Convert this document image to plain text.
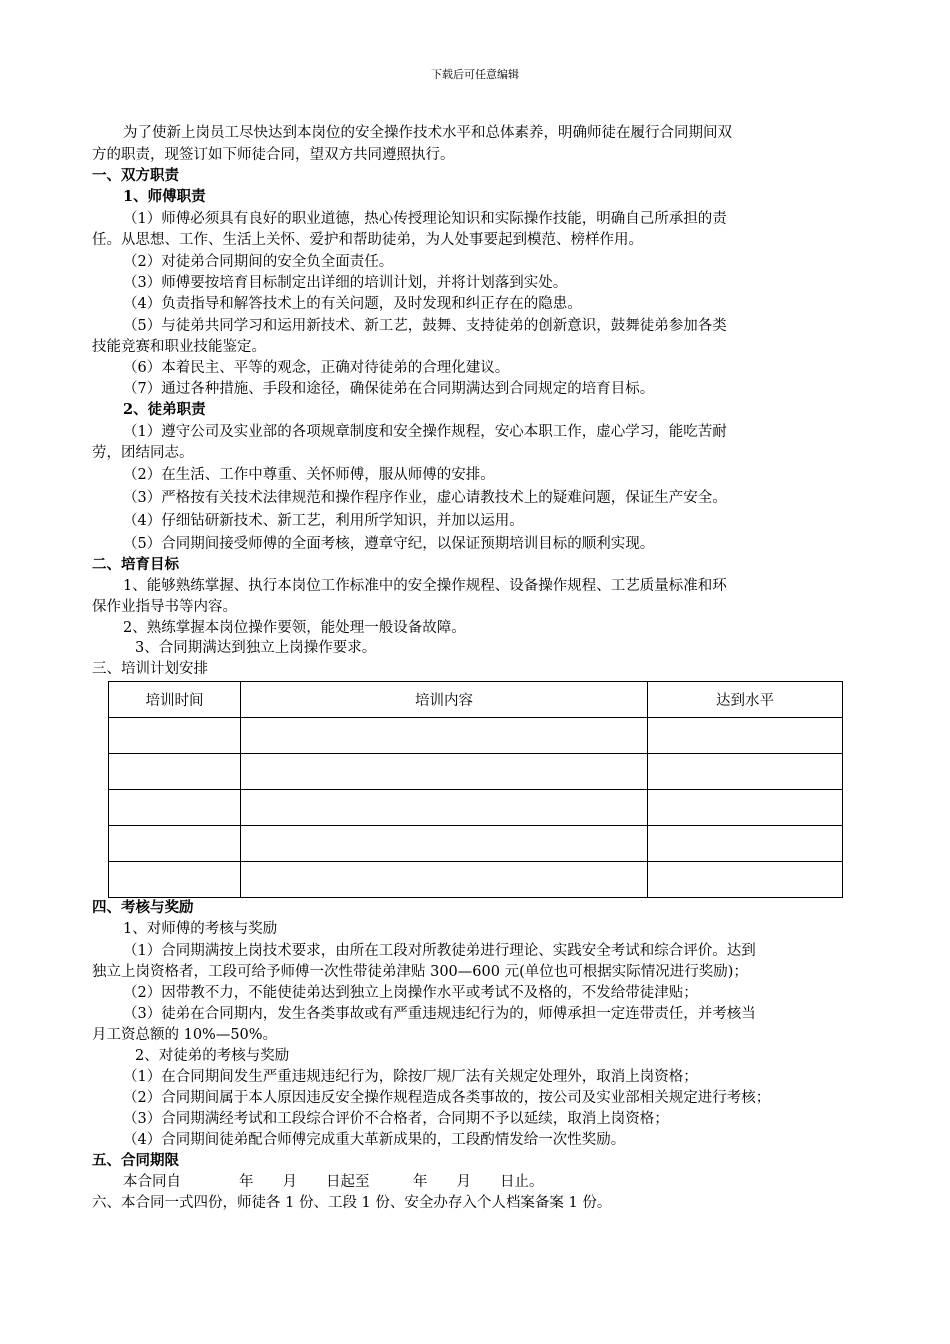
下载后可任意编辑
为了使新上岗员工尽快达到本岗位的安全操作技术水平和总体素养，明确师徒在履行合同期间双
方的职责，现签订如下师徒合同，望双方共同遵照执行。
一、双方职责
1、师傅职责
（1）师傅必须具有良好的职业道德，热心传授理论知识和实际操作技能，明确自己所承担的责
任。从思想、工作、生活上关怀、爱护和帮助徒弟，为人处事要起到模范、榜样作用。
（2）对徒弟合同期间的安全负全面责任。
（3）师傅要按培育目标制定出详细的培训计划，并将计划落到实处。
（4）负责指导和解答技术上的有关问题，及时发现和纠正存在的隐患。
（5）与徒弟共同学习和运用新技术、新工艺，鼓舞、支持徒弟的创新意识，鼓舞徒弟参加各类
技能竞赛和职业技能鉴定。
（6）本着民主、平等的观念，正确对待徒弟的合理化建议。
（7）通过各种措施、手段和途径，确保徒弟在合同期满达到合同规定的培育目标。
2、徒弟职责
（1）遵守公司及实业部的各项规章制度和安全操作规程，安心本职工作，虚心学习，能吃苦耐
劳，团结同志。
（2）在生活、工作中尊重、关怀师傅，服从师傅的安排。
（3）严格按有关技术法律规范和操作程序作业，虚心请教技术上的疑难问题，保证生产安全。
（4）仔细钻研新技术、新工艺，利用所学知识，并加以运用。
（5）合同期间接受师傅的全面考核，遵章守纪，以保证预期培训目标的顺利实现。
二、培育目标
1、能够熟练掌握、执行本岗位工作标准中的安全操作规程、设备操作规程、工艺质量标准和环
保作业指导书等内容。
2、熟练掌握本岗位操作要领，能处理一般设备故障。
3、合同期满达到独立上岗操作要求。
三、培训计划安排
培训时间	培训内容	达到水平

四、考核与奖励
1、对师傅的考核与奖励
（1）合同期满按上岗技术要求，由所在工段对所教徒弟进行理论、实践安全考试和综合评价。达到
独立上岗资格者，工段可给予师傅一次性带徒弟津贴 300—600 元(单位也可根据实际情况进行奖励)；
（2）因带教不力，不能使徒弟达到独立上岗操作水平或考试不及格的，不发给带徒津贴；
（3）徒弟在合同期内，发生各类事故或有严重违规违纪行为的，师傅承担一定连带责任，并考核当
月工资总额的 10%—50%。
2、对徒弟的考核与奖励
（1）在合同期间发生严重违规违纪行为，除按厂规厂法有关规定处理外，取消上岗资格；
（2）合同期间属于本人原因违反安全操作规程造成各类事故的，按公司及实业部相关规定进行考核；
（3）合同期满经考试和工段综合评价不合格者，合同期不予以延续，取消上岗资格；
（4）合同期间徒弟配合师傅完成重大革新成果的，工段酌情发给一次性奖励。
五、合同期限
本合同自　　　　年　　月　　日起至　　　年　　月　　日止。
六、本合同一式四份，师徒各 1 份、工段 1 份、安全办存入个人档案备案 1 份。
